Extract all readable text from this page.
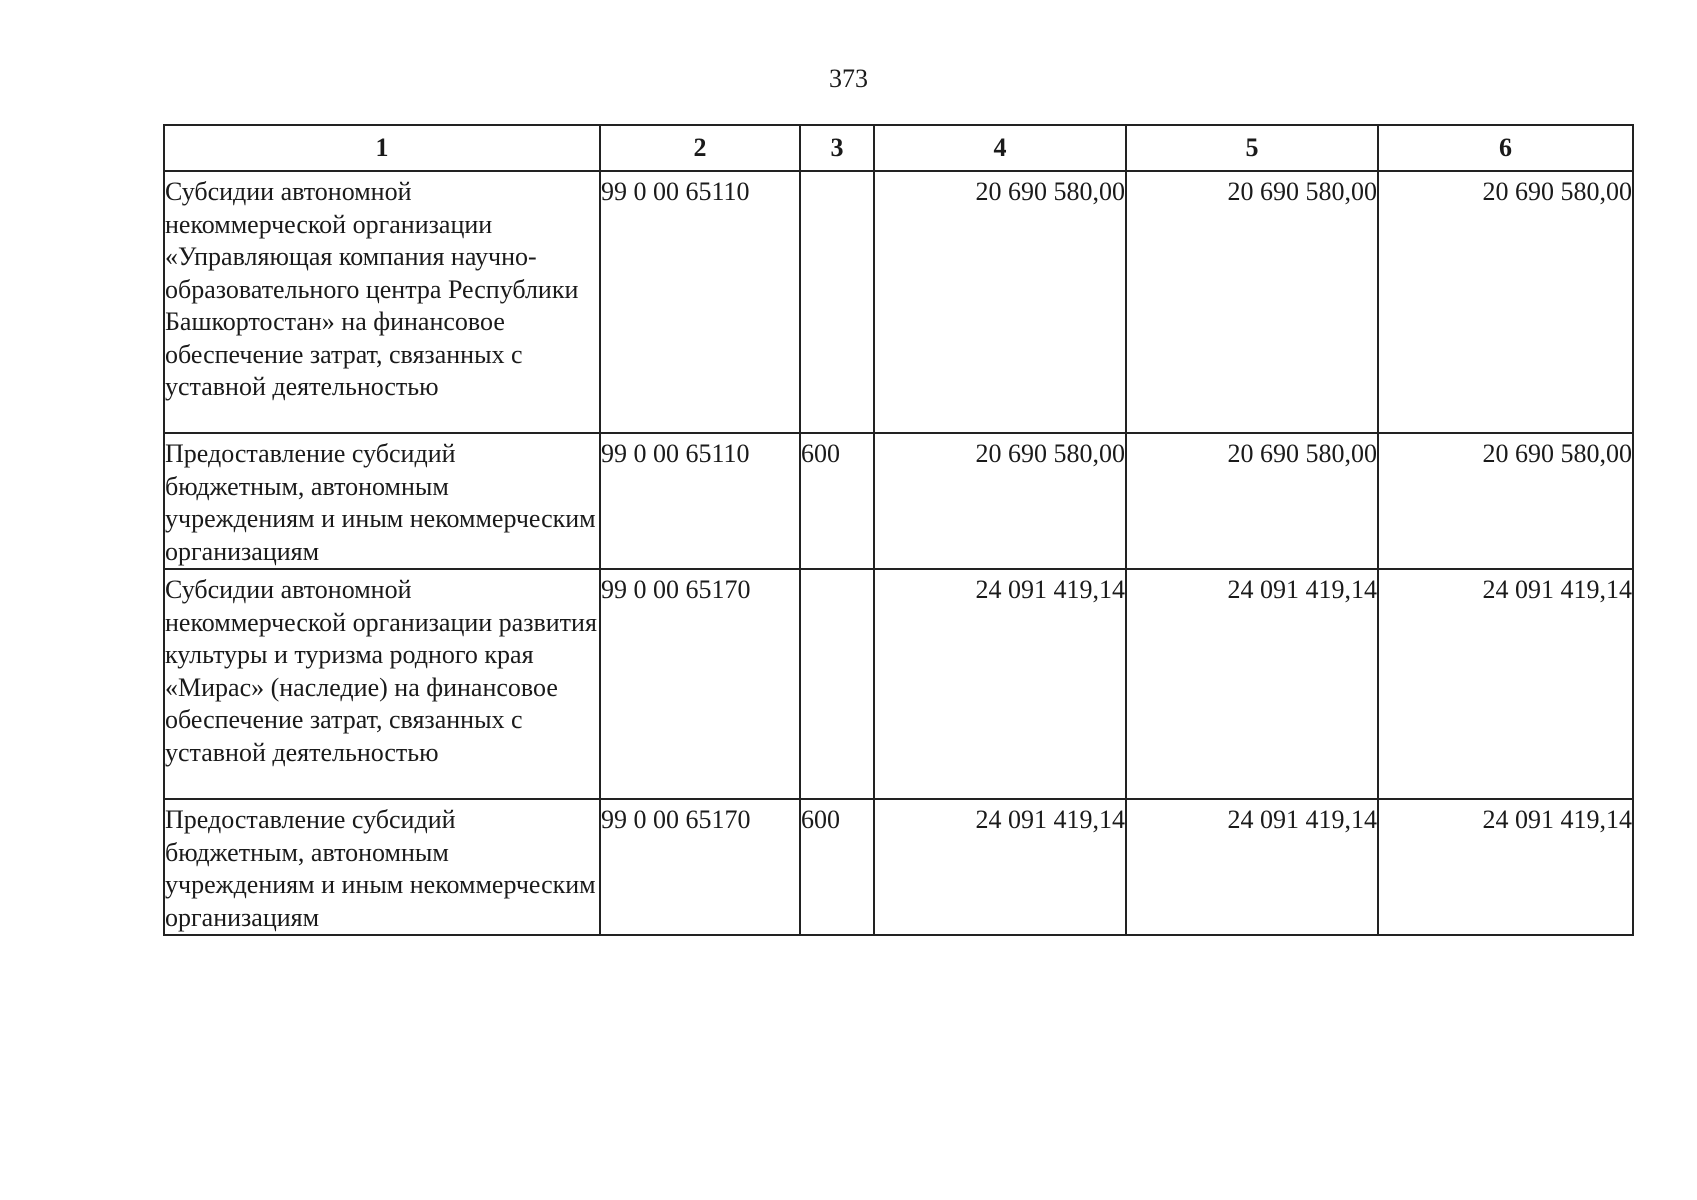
373
1	2	3	4	5	6
Субсидии автономной некоммерческой организации «Управляющая компания научно-образовательного центра Республики Башкортостан» на финансовое обеспечение затрат, связанных с уставной деятельностью	99 0 00 65110		20 690 580,00	20 690 580,00	20 690 580,00
Предоставление субсидий бюджетным, автономным учреждениям и иным некоммерческим организациям	99 0 00 65110	600	20 690 580,00	20 690 580,00	20 690 580,00
Субсидии автономной некоммерческой организации развития культуры и туризма родного края «Мирас» (наследие) на финансовое обеспечение затрат, связанных с уставной деятельностью	99 0 00 65170		24 091 419,14	24 091 419,14	24 091 419,14
Предоставление субсидий бюджетным, автономным учреждениям и иным некоммерческим организациям	99 0 00 65170	600	24 091 419,14	24 091 419,14	24 091 419,14
